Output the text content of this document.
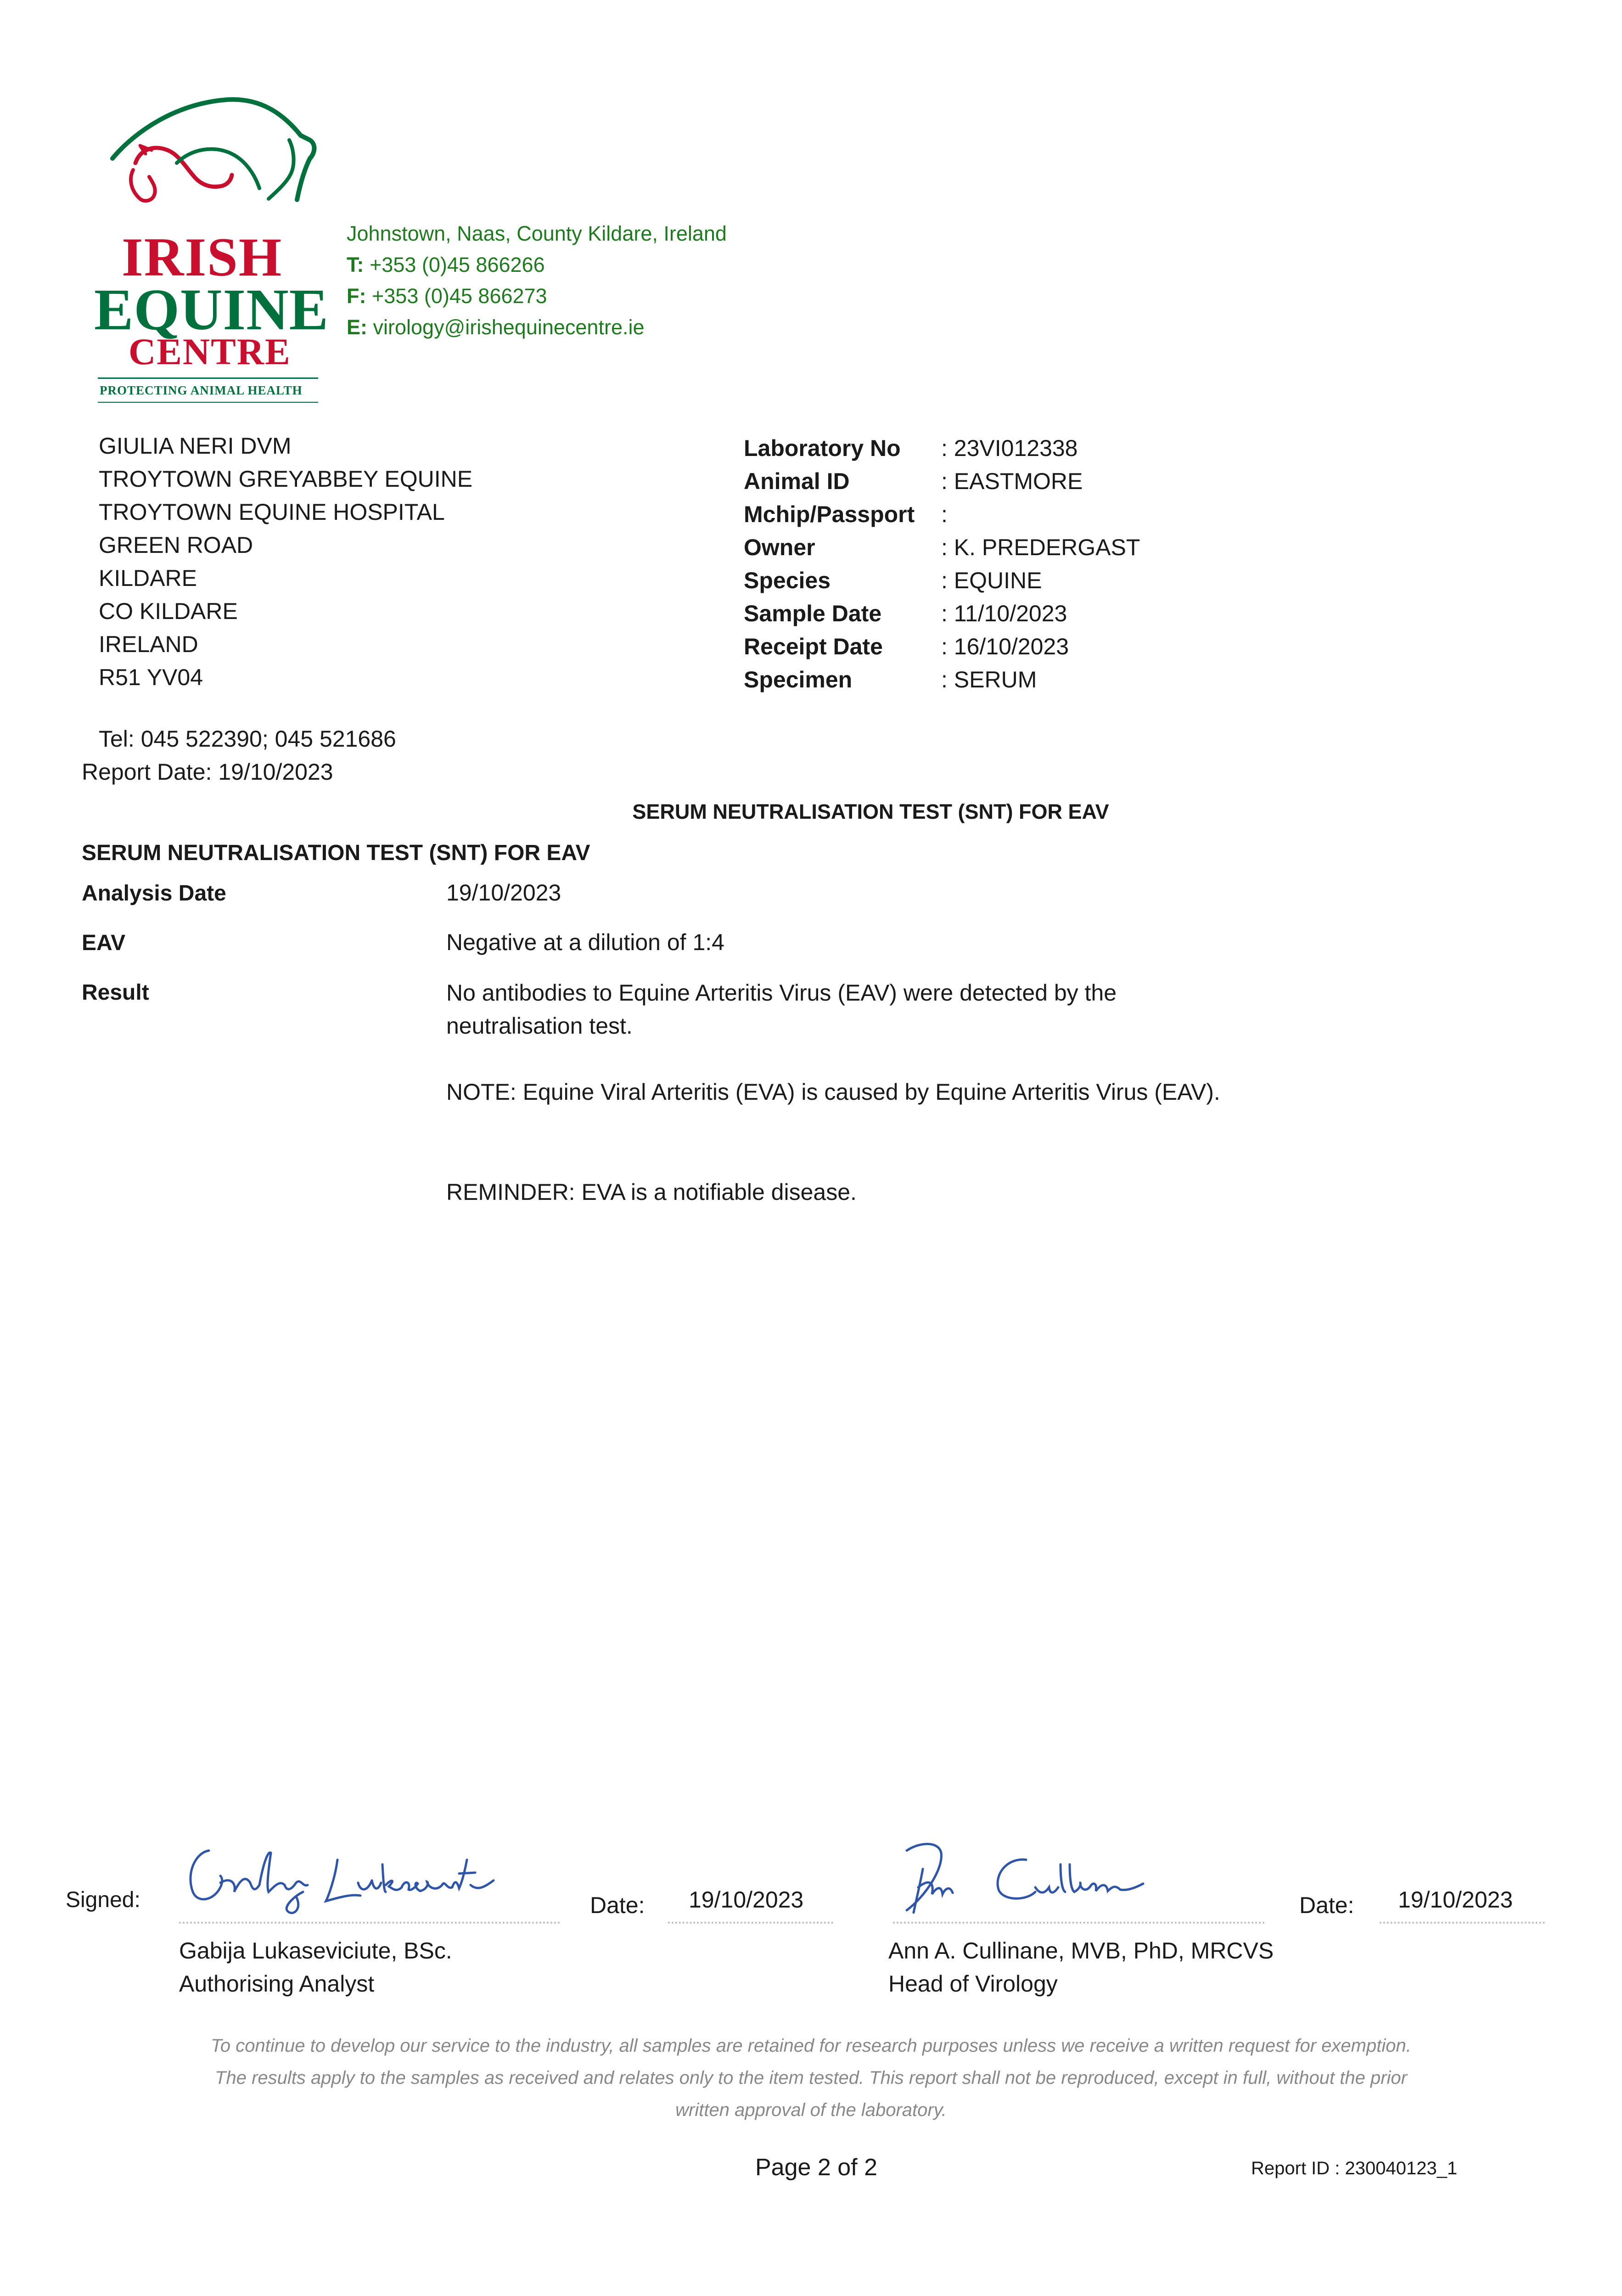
IRISH
EQUINE
CENTRE
PROTECTING ANIMAL HEALTH
Johnstown, Naas, County Kildare, Ireland
T: +353 (0)45 866266
F: +353 (0)45 866273
E: virology@irishequinecentre.ie
GIULIA NERI DVM
TROYTOWN GREYABBEY EQUINE
TROYTOWN EQUINE HOSPITAL
GREEN ROAD
KILDARE
CO KILDARE
IRELAND
R51 YV04
Laboratory No	: 23VI012338
Animal ID	: EASTMORE
Mchip/Passport	:
Owner	: K. PREDERGAST
Species	: EQUINE
Sample Date	: 11/10/2023
Receipt Date	: 16/10/2023
Specimen	: SERUM
Tel: 045 522390; 045 521686
Report Date: 19/10/2023
SERUM NEUTRALISATION TEST (SNT) FOR EAV
SERUM NEUTRALISATION TEST (SNT) FOR EAV
Analysis Date	19/10/2023
EAV	Negative at a dilution of 1:4
Result	No antibodies to Equine Arteritis Virus (EAV) were detected by the neutralisation test.
NOTE: Equine Viral Arteritis (EVA) is caused by Equine Arteritis Virus (EAV).
REMINDER: EVA is a notifiable disease.
Signed:	Date: 19/10/2023
Gabija Lukaseviciute, BSc.
Authorising Analyst
Date: 19/10/2023
Ann A. Cullinane, MVB, PhD, MRCVS
Head of Virology
To continue to develop our service to the industry, all samples are retained for research purposes unless we receive a written request for exemption.
The results apply to the samples as received and relates only to the item tested. This report shall not be reproduced, except in full, without the prior
written approval of the laboratory.
Page 2 of 2	Report ID : 230040123_1
